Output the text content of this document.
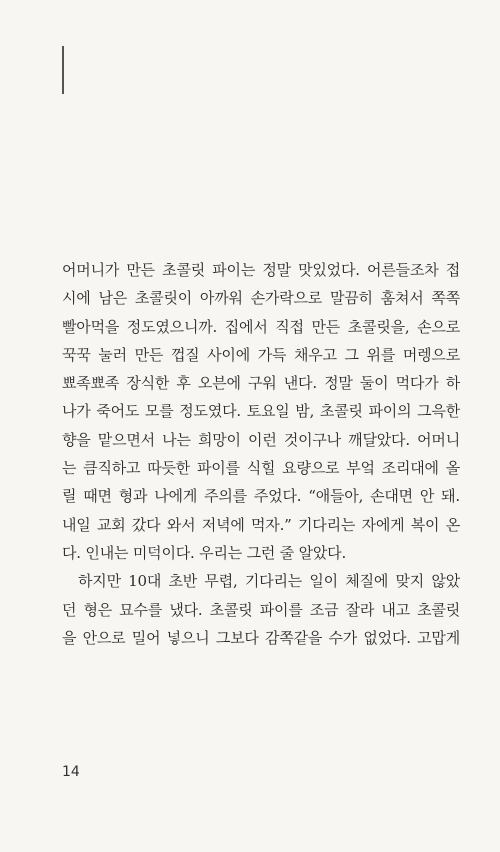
어머니가 만든 초콜릿 파이는 정말 맛있었다. 어른들조차 접
시에 남은 초콜릿이 아까워 손가락으로 말끔히 훔쳐서 쪽쪽
빨아먹을 정도였으니까. 집에서 직접 만든 초콜릿을, 손으로
꾹꾹 눌러 만든 껍질 사이에 가득 채우고 그 위를 머렝으로
뾰족뾰족 장식한 후 오븐에 구워 낸다. 정말 둘이 먹다가 하
나가 죽어도 모를 정도였다. 토요일 밤, 초콜릿 파이의 그윽한
향을 맡으면서 나는 희망이 이런 것이구나 깨달았다. 어머니
는 큼직하고 따듯한 파이를 식힐 요량으로 부엌 조리대에 올
릴 때면 형과 나에게 주의를 주었다. “애들아, 손대면 안 돼.
내일 교회 갔다 와서 저녁에 먹자.” 기다리는 자에게 복이 온
다. 인내는 미덕이다. 우리는 그런 줄 알았다.
하지만 10대 초반 무렵, 기다리는 일이 체질에 맞지 않았
던 형은 묘수를 냈다. 초콜릿 파이를 조금 잘라 내고 초콜릿
을 안으로 밀어 넣으니 그보다 감쪽같을 수가 없었다. 고맙게
14
